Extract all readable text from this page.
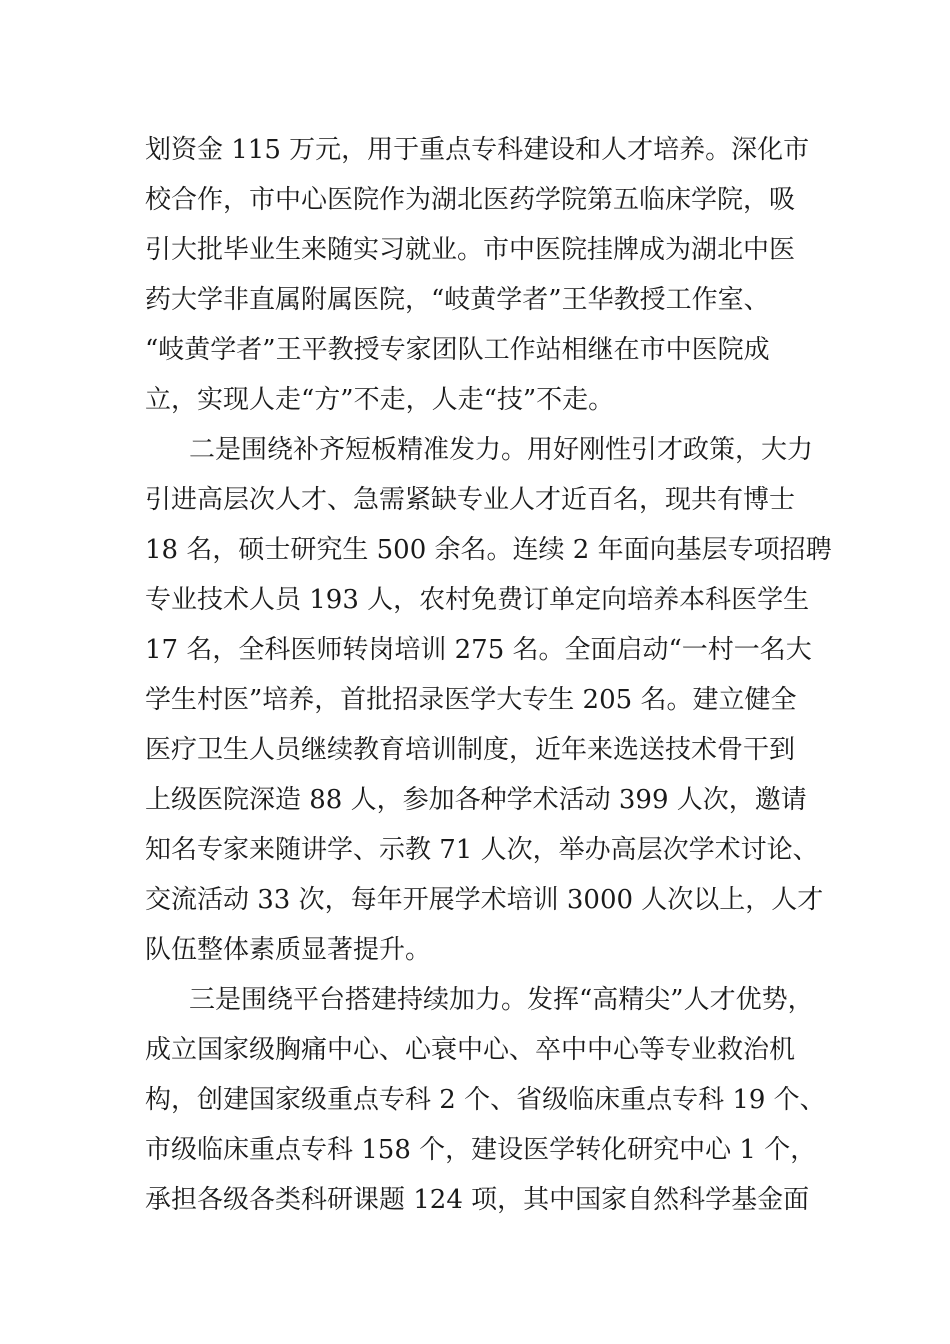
划资金 115 万元，用于重点专科建设和人才培养。深化市
校合作，市中心医院作为湖北医药学院第五临床学院，吸
引大批毕业生来随实习就业。市中医院挂牌成为湖北中医
药大学非直属附属医院，“岐黄学者”王华教授工作室、
“岐黄学者”王平教授专家团队工作站相继在市中医院成
立，实现人走“方”不走，人走“技”不走。
二是围绕补齐短板精准发力。用好刚性引才政策，大力
引进高层次人才、急需紧缺专业人才近百名，现共有博士
18 名，硕士研究生 500 余名。连续 2 年面向基层专项招聘
专业技术人员 193 人，农村免费订单定向培养本科医学生
17 名，全科医师转岗培训 275 名。全面启动“一村一名大
学生村医”培养，首批招录医学大专生 205 名。建立健全
医疗卫生人员继续教育培训制度，近年来选送技术骨干到
上级医院深造 88 人，参加各种学术活动 399 人次，邀请
知名专家来随讲学、示教 71 人次，举办高层次学术讨论、
交流活动 33 次，每年开展学术培训 3000 人次以上，人才
队伍整体素质显著提升。
三是围绕平台搭建持续加力。发挥“高精尖”人才优势，
成立国家级胸痛中心、心衰中心、卒中中心等专业救治机
构，创建国家级重点专科 2 个、省级临床重点专科 19 个、
市级临床重点专科 158 个，建设医学转化研究中心 1 个，
承担各级各类科研课题 124 项，其中国家自然科学基金面
